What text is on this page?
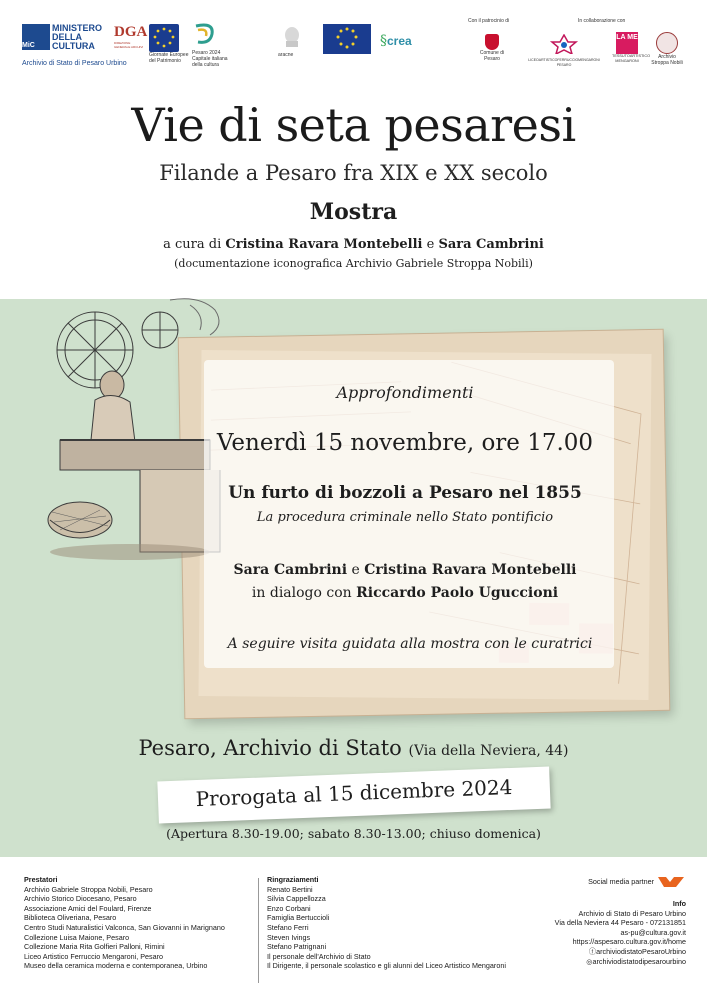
MiC
MINISTERO
DELLA
CULTURA
Archivio di Stato di Pesaro Urbino
DGA
DIREZIONE GENERALE ARCHIVI
Giornate Europee
del Patrimonio
Pesaro 2024
Capitale italiana
della cultura
aracne
§crea
Con il patrocinio di	In collaborazione con
Comune di
Pesaro	LICEOARTISTICOFERRUCCIOMENGARONI
PESARO
LA ME
TESSUTOARTISTICO
MENGARONI
Archivio
Stroppa Nobili
Vie di seta pesaresi
Filande a Pesaro fra XIX e XX secolo
Mostra
a cura di Cristina Ravara Montebelli e Sara Cambrini
(documentazione iconografica Archivio Gabriele Stroppa Nobili)
Approfondimenti
Venerdì 15 novembre, ore 17.00
Un furto di bozzoli a Pesaro nel 1855
La procedura criminale nello Stato pontificio
Sara Cambrini e Cristina Ravara Montebelli
in dialogo con Riccardo Paolo Uguccioni
A seguire visita guidata alla mostra con le curatrici
Pesaro, Archivio di Stato (Via della Neviera, 44)
Prorogata al 15 dicembre 2024
(Apertura 8.30-19.00; sabato 8.30-13.00; chiuso domenica)
Prestatori
Archivio Gabriele Stroppa Nobili, Pesaro
Archivio Storico Diocesano, Pesaro
Associazione Amici del Foulard, Firenze
Biblioteca Oliveriana, Pesaro
Centro Studi Naturalistici Valconca, San Giovanni in Marignano
Collezione Luisa Maione, Pesaro
Collezione Maria Rita Golfieri Palloni, Rimini
Liceo Artistico Ferruccio Mengaroni, Pesaro
Museo della ceramica moderna e contemporanea, Urbino
Ringraziamenti
Renato Bertini
Silvia Cappellozza
Enzo Corbani
Famiglia Bertuccioli
Stefano Ferri
Steven Ivings
Stefano Patrignani
Il personale dell'Archivio di Stato
Il Dirigente, il personale scolastico e gli alunni del Liceo Artistico Mengaroni
Social media partner
Info
Archivio di Stato di Pesaro Urbino
Via della Neviera 44 Pesaro - 072131851
as-pu@cultura.gov.it
https://aspesaro.cultura.gov.it/home
ⓕarchiviodistatoPesaroUrbino
◎archiviodistatodipesarourbino
